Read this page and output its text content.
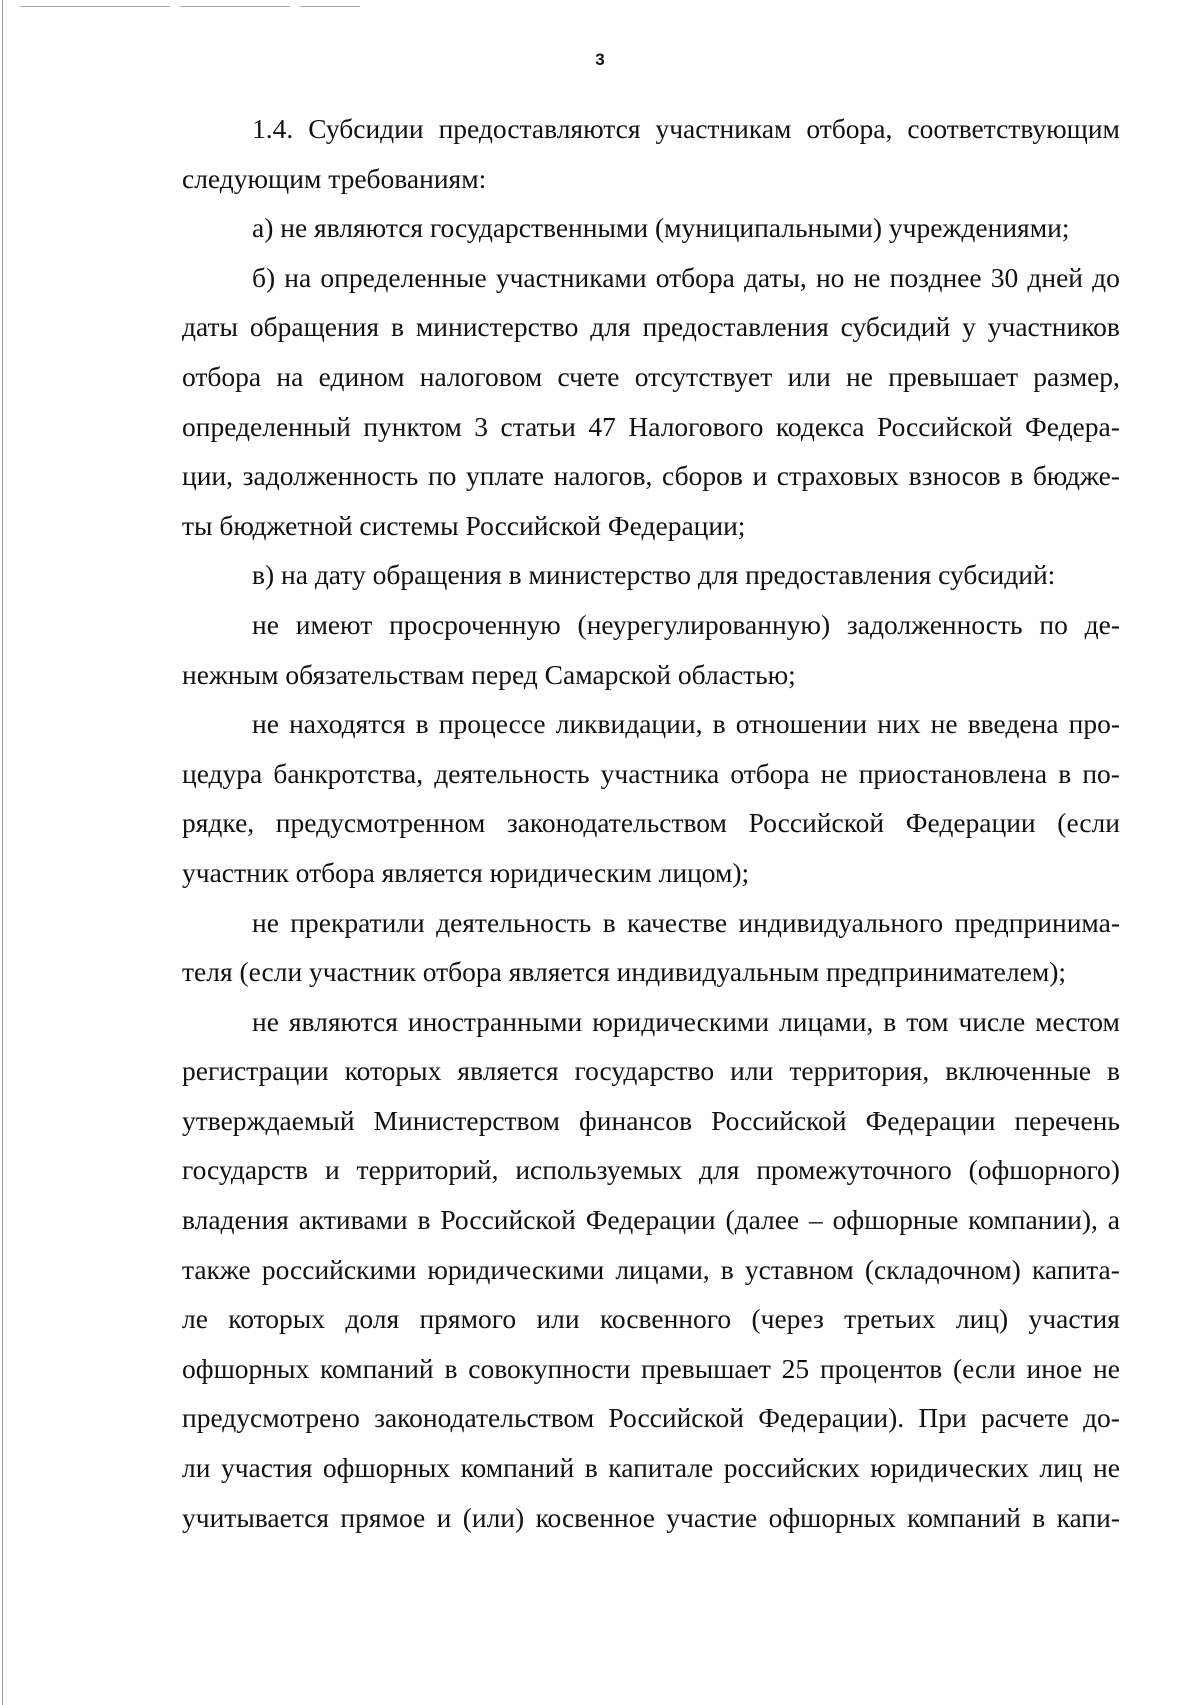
3
1.4. Субсидии предоставляются участникам отбора, соответствующим
следующим требованиям:
а) не являются государственными (муниципальными) учреждениями;
б) на определенные участниками отбора даты, но не позднее 30 дней до
даты обращения в министерство для предоставления субсидий у участников
отбора на едином налоговом счете отсутствует или не превышает размер,
определенный пунктом 3 статьи 47 Налогового кодекса Российской Федера-
ции, задолженность по уплате налогов, сборов и страховых взносов в бюдже-
ты бюджетной системы Российской Федерации;
в) на дату обращения в министерство для предоставления субсидий:
не имеют просроченную (неурегулированную) задолженность по де-
нежным обязательствам перед Самарской областью;
не находятся в процессе ликвидации, в отношении них не введена про-
цедура банкротства, деятельность участника отбора не приостановлена в по-
рядке, предусмотренном законодательством Российской Федерации (если
участник отбора является юридическим лицом);
не прекратили деятельность в качестве индивидуального предпринима-
теля (если участник отбора является индивидуальным предпринимателем);
не являются иностранными юридическими лицами, в том числе местом
регистрации которых является государство или территория, включенные в
утверждаемый Министерством финансов Российской Федерации перечень
государств и территорий, используемых для промежуточного (офшорного)
владения активами в Российской Федерации (далее – офшорные компании), а
также российскими юридическими лицами, в уставном (складочном) капита-
ле которых доля прямого или косвенного (через третьих лиц) участия
офшорных компаний в совокупности превышает 25 процентов (если иное не
предусмотрено законодательством Российской Федерации). При расчете до-
ли участия офшорных компаний в капитале российских юридических лиц не
учитывается прямое и (или) косвенное участие офшорных компаний в капи-
